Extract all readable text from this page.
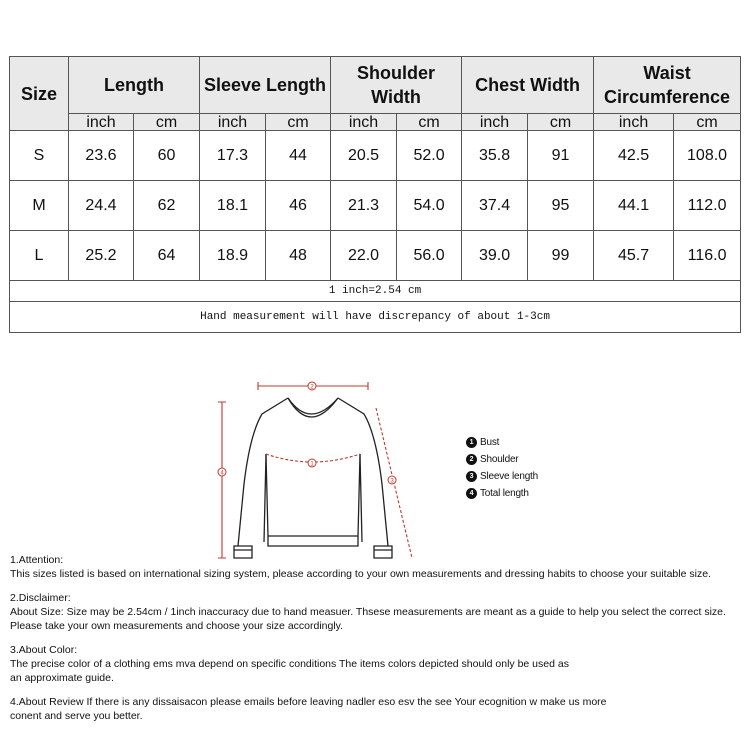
Size	Length		Sleeve Length		Shoulder Width		Chest Width		Waist Circumference	
	inch	cm	inch	cm	inch	cm	inch	cm	inch	cm
S	23.6	60	17.3	44	20.5	52.0	35.8	91	42.5	108.0
M	24.4	62	18.1	46	21.3	54.0	37.4	95	44.1	112.0
L	25.2	64	18.9	48	22.0	56.0	39.0	99	45.7	116.0
1 inch=2.54 cm										
Hand measurement will have discrepancy of about 1-3cm										
2
1
4
3
1 Bust
2 Shoulder
3 Sleeve length
4 Total length

1.Attention:

This sizes listed is based on international sizing system, please according to your own measurements and dressing habits to choose your suitable size.

2.Disclaimer:

About Size: Size may be 2.54cm / 1inch inaccuracy due to hand measuer. Thsese measurements are meant as a guide to help you select the correct size.

Please take your own measurements and choose your size accordingly.

3.About Color:

The precise color of a clothing ems mva depend on specific conditions The items colors depicted should only be used as

an approximate guide.

4.About Review If there is any dissaisacon please emails before leaving nadler eso esv the see Your ecognition w make us more

conent and serve you better.
